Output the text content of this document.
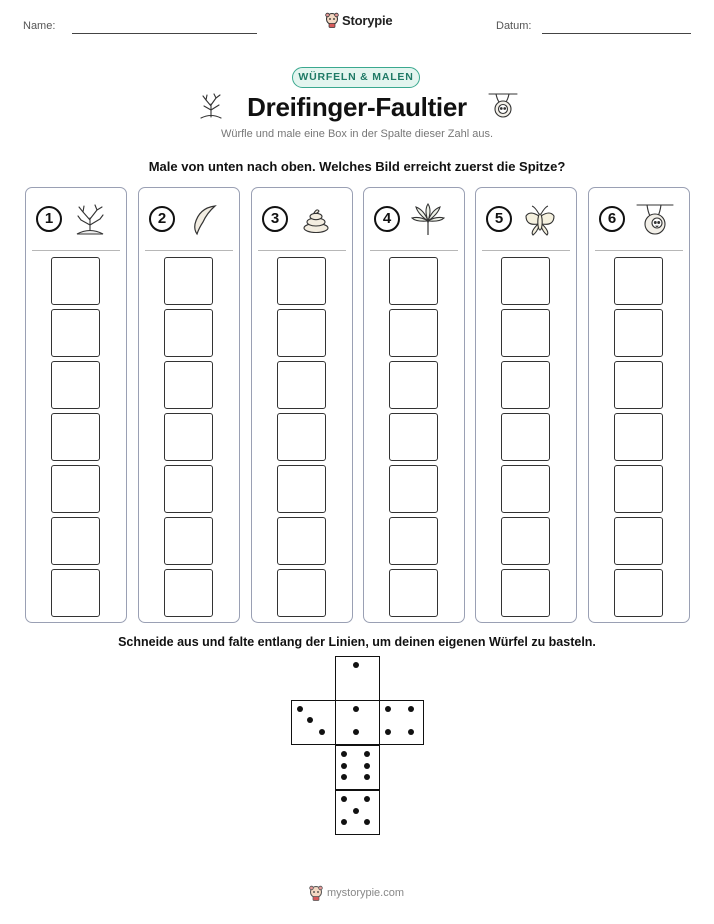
Name:	Storypie	Datum:
WÜRFELN & MALEN
Dreifinger-Faultier
Würfle und male eine Box in der Spalte dieser Zahl aus.
Male von unten nach oben. Welches Bild erreicht zuerst die Spitze?
1	2	3	4	5	6
Schneide aus und falte entlang der Linien, um deinen eigenen Würfel zu basteln.
mystorypie.com
